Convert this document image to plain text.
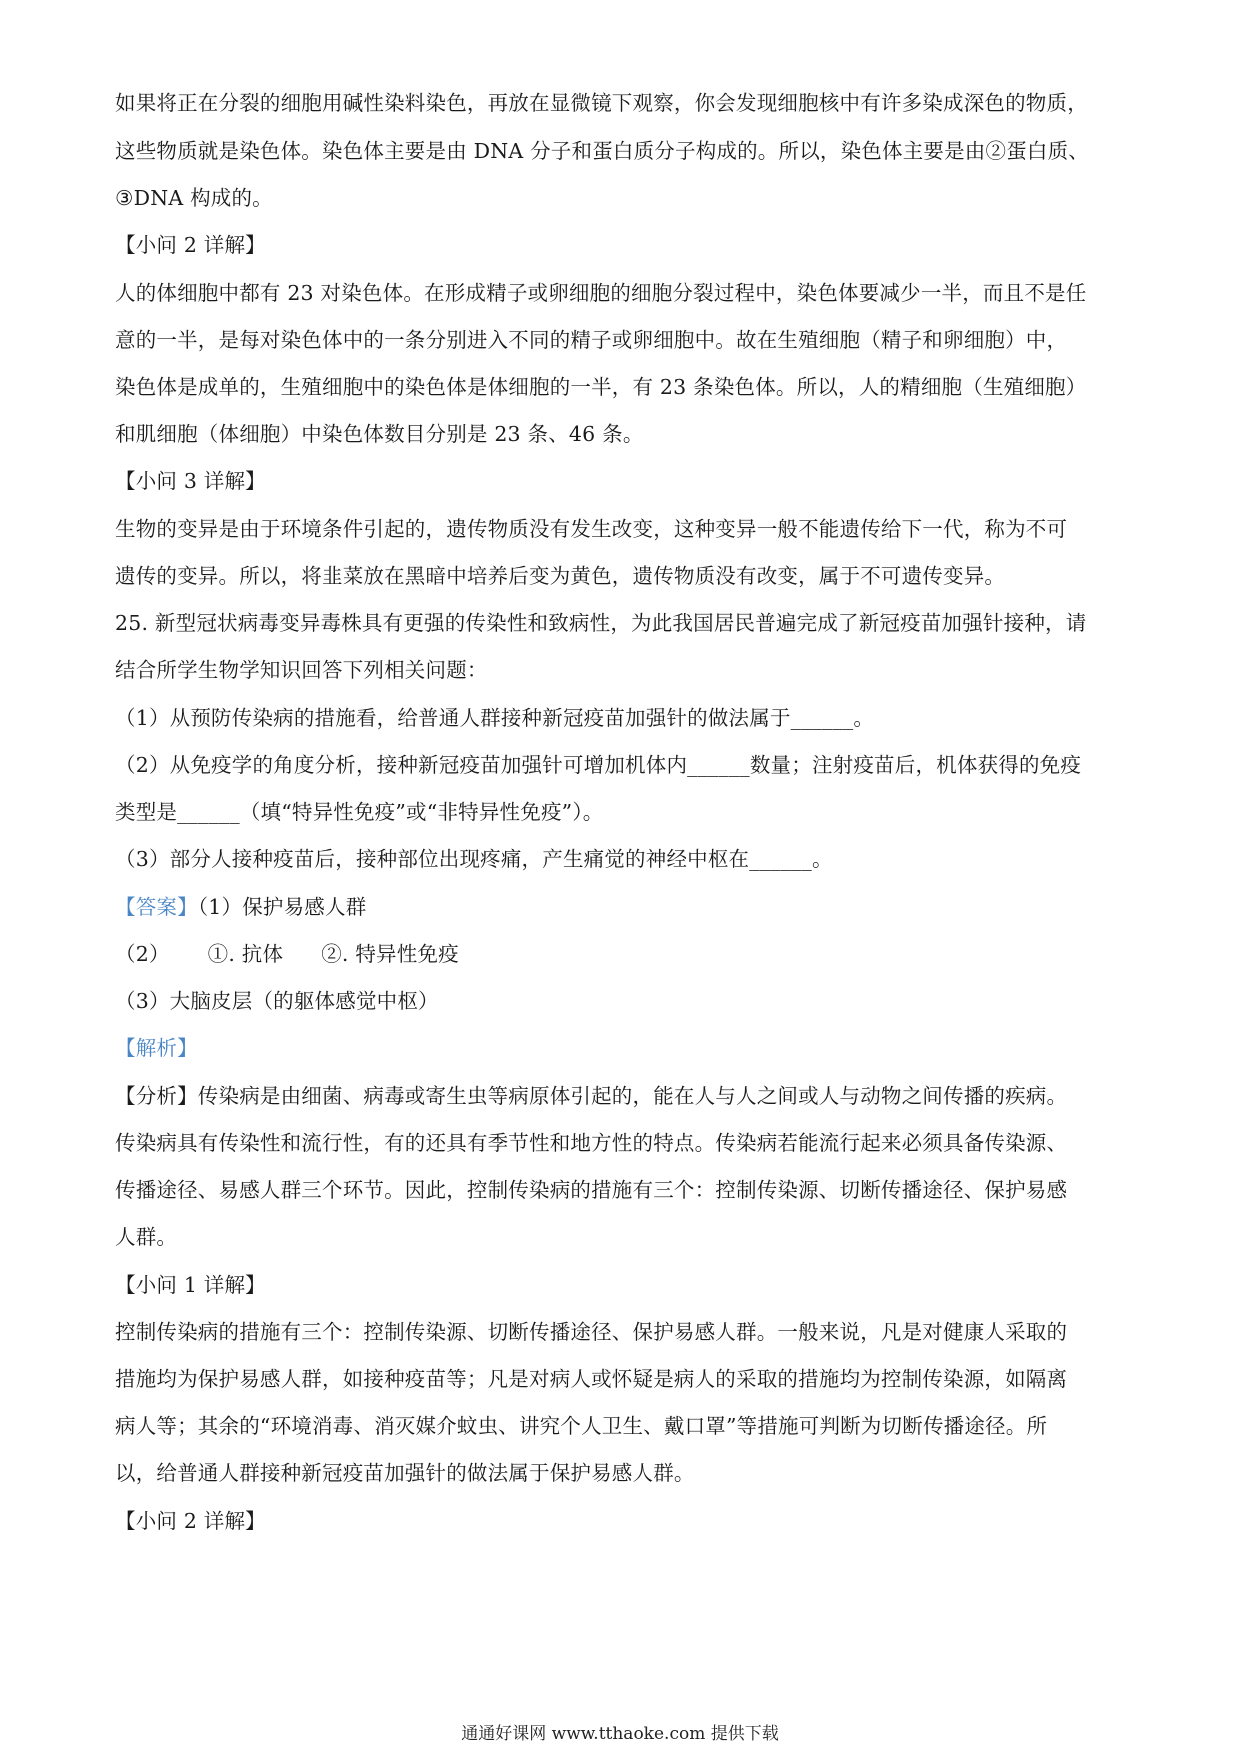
如果将正在分裂的细胞用碱性染料染色，再放在显微镜下观察，你会发现细胞核中有许多染成深色的物质，
这些物质就是染色体。染色体主要是由 DNA 分子和蛋白质分子构成的。所以，染色体主要是由②蛋白质、
③DNA 构成的。
【小问 2 详解】
人的体细胞中都有 23 对染色体。在形成精子或卵细胞的细胞分裂过程中，染色体要减少一半，而且不是任
意的一半，是每对染色体中的一条分别进入不同的精子或卵细胞中。故在生殖细胞（精子和卵细胞）中，
染色体是成单的，生殖细胞中的染色体是体细胞的一半，有 23 条染色体。所以，人的精细胞（生殖细胞）
和肌细胞（体细胞）中染色体数目分别是 23 条、46 条。
【小问 3 详解】
生物的变异是由于环境条件引起的，遗传物质没有发生改变，这种变异一般不能遗传给下一代，称为不可
遗传的变异。所以，将韭菜放在黑暗中培养后变为黄色，遗传物质没有改变，属于不可遗传变异。
25. 新型冠状病毒变异毒株具有更强的传染性和致病性，为此我国居民普遍完成了新冠疫苗加强针接种，请
结合所学生物学知识回答下列相关问题：
（1）从预防传染病的措施看，给普通人群接种新冠疫苗加强针的做法属于______。
（2）从免疫学的角度分析，接种新冠疫苗加强针可增加机体内______数量；注射疫苗后，机体获得的免疫
类型是______（填“特异性免疫”或“非特异性免疫”）。
（3）部分人接种疫苗后，接种部位出现疼痛，产生痛觉的神经中枢在______。
【答案】（1）保护易感人群
（2） ①. 抗体 ②. 特异性免疫
（3）大脑皮层（的躯体感觉中枢）
【解析】
【分析】传染病是由细菌、病毒或寄生虫等病原体引起的，能在人与人之间或人与动物之间传播的疾病。
传染病具有传染性和流行性，有的还具有季节性和地方性的特点。传染病若能流行起来必须具备传染源、
传播途径、易感人群三个环节。因此，控制传染病的措施有三个：控制传染源、切断传播途径、保护易感
人群。
【小问 1 详解】
控制传染病的措施有三个：控制传染源、切断传播途径、保护易感人群。一般来说，凡是对健康人采取的
措施均为保护易感人群，如接种疫苗等；凡是对病人或怀疑是病人的采取的措施均为控制传染源，如隔离
病人等；其余的“环境消毒、消灭媒介蚊虫、讲究个人卫生、戴口罩”等措施可判断为切断传播途径。所
以，给普通人群接种新冠疫苗加强针的做法属于保护易感人群。
【小问 2 详解】
通通好课网 www.tthaoke.com 提供下载
